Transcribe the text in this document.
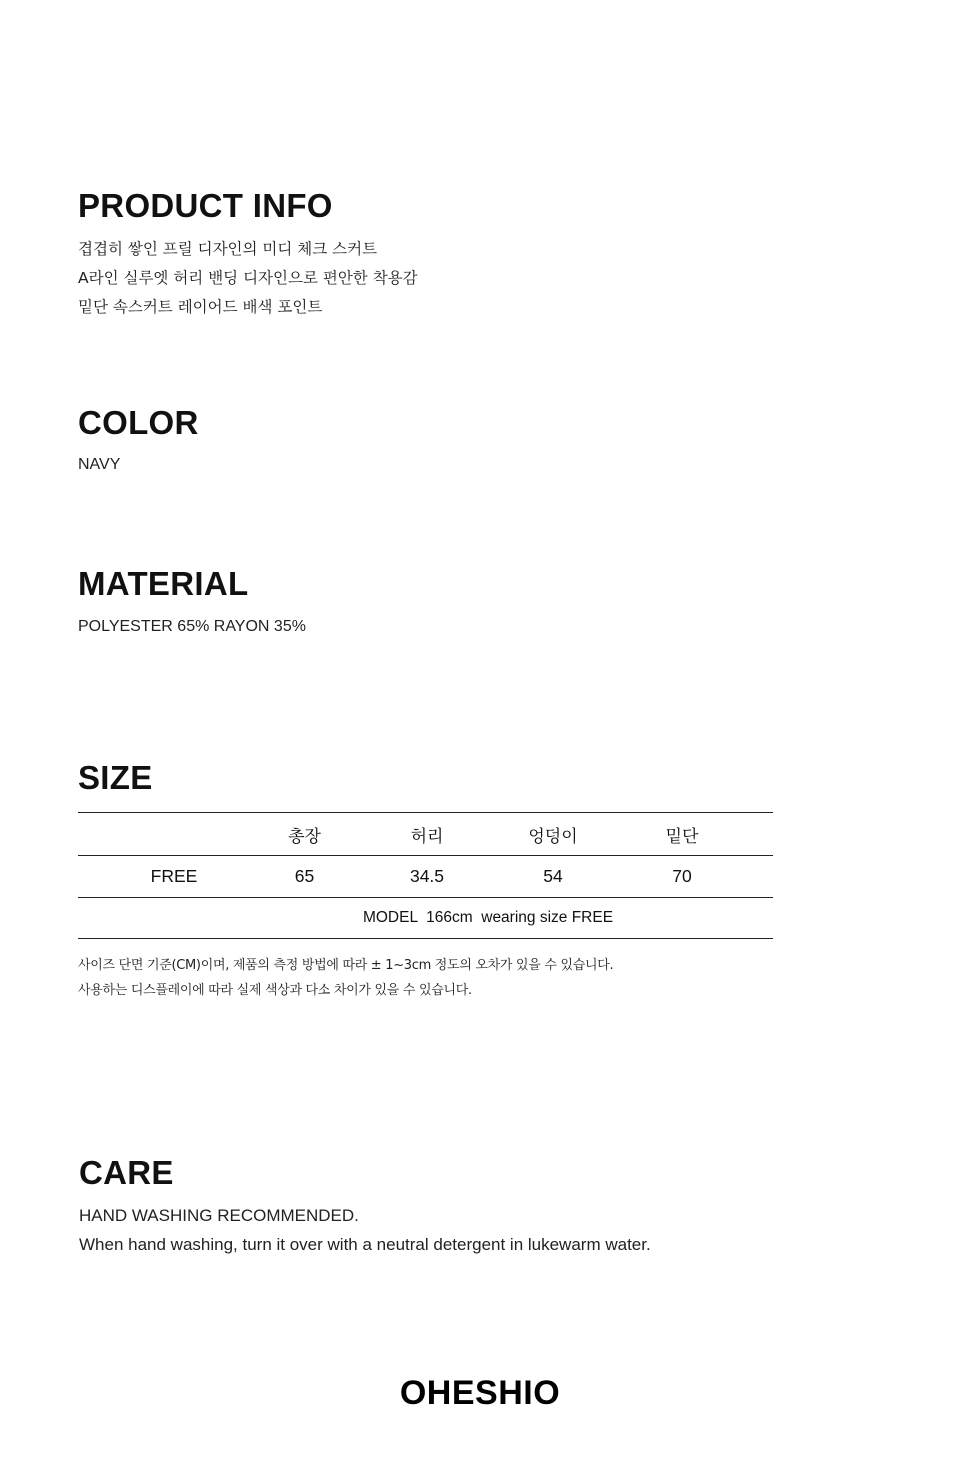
PRODUCT INFO
겹겹히 쌓인 프릴 디자인의 미디 체크 스커트
A라인 실루엣 허리 밴딩 디자인으로 편안한 착용감
밑단 속스커트 레이어드 배색 포인트
COLOR

NAVY

MATERIAL

POLYESTER 65% RAYON 35%

SIZE
	총장	허리	엉덩이	밑단
FREE	65	34.5	54	70
MODEL  166cm  wearing size FREE				
사이즈 단면 기준(CM)이며, 제품의 측정 방법에 따라 ± 1~3cm 정도의 오차가 있을 수 있습니다.
사용하는 디스플레이에 따라 실제 색상과 다소 차이가 있을 수 있습니다.
CARE
HAND WASHING RECOMMENDED.
When hand washing, turn it over with a neutral detergent in lukewarm water.
OHESHIO
